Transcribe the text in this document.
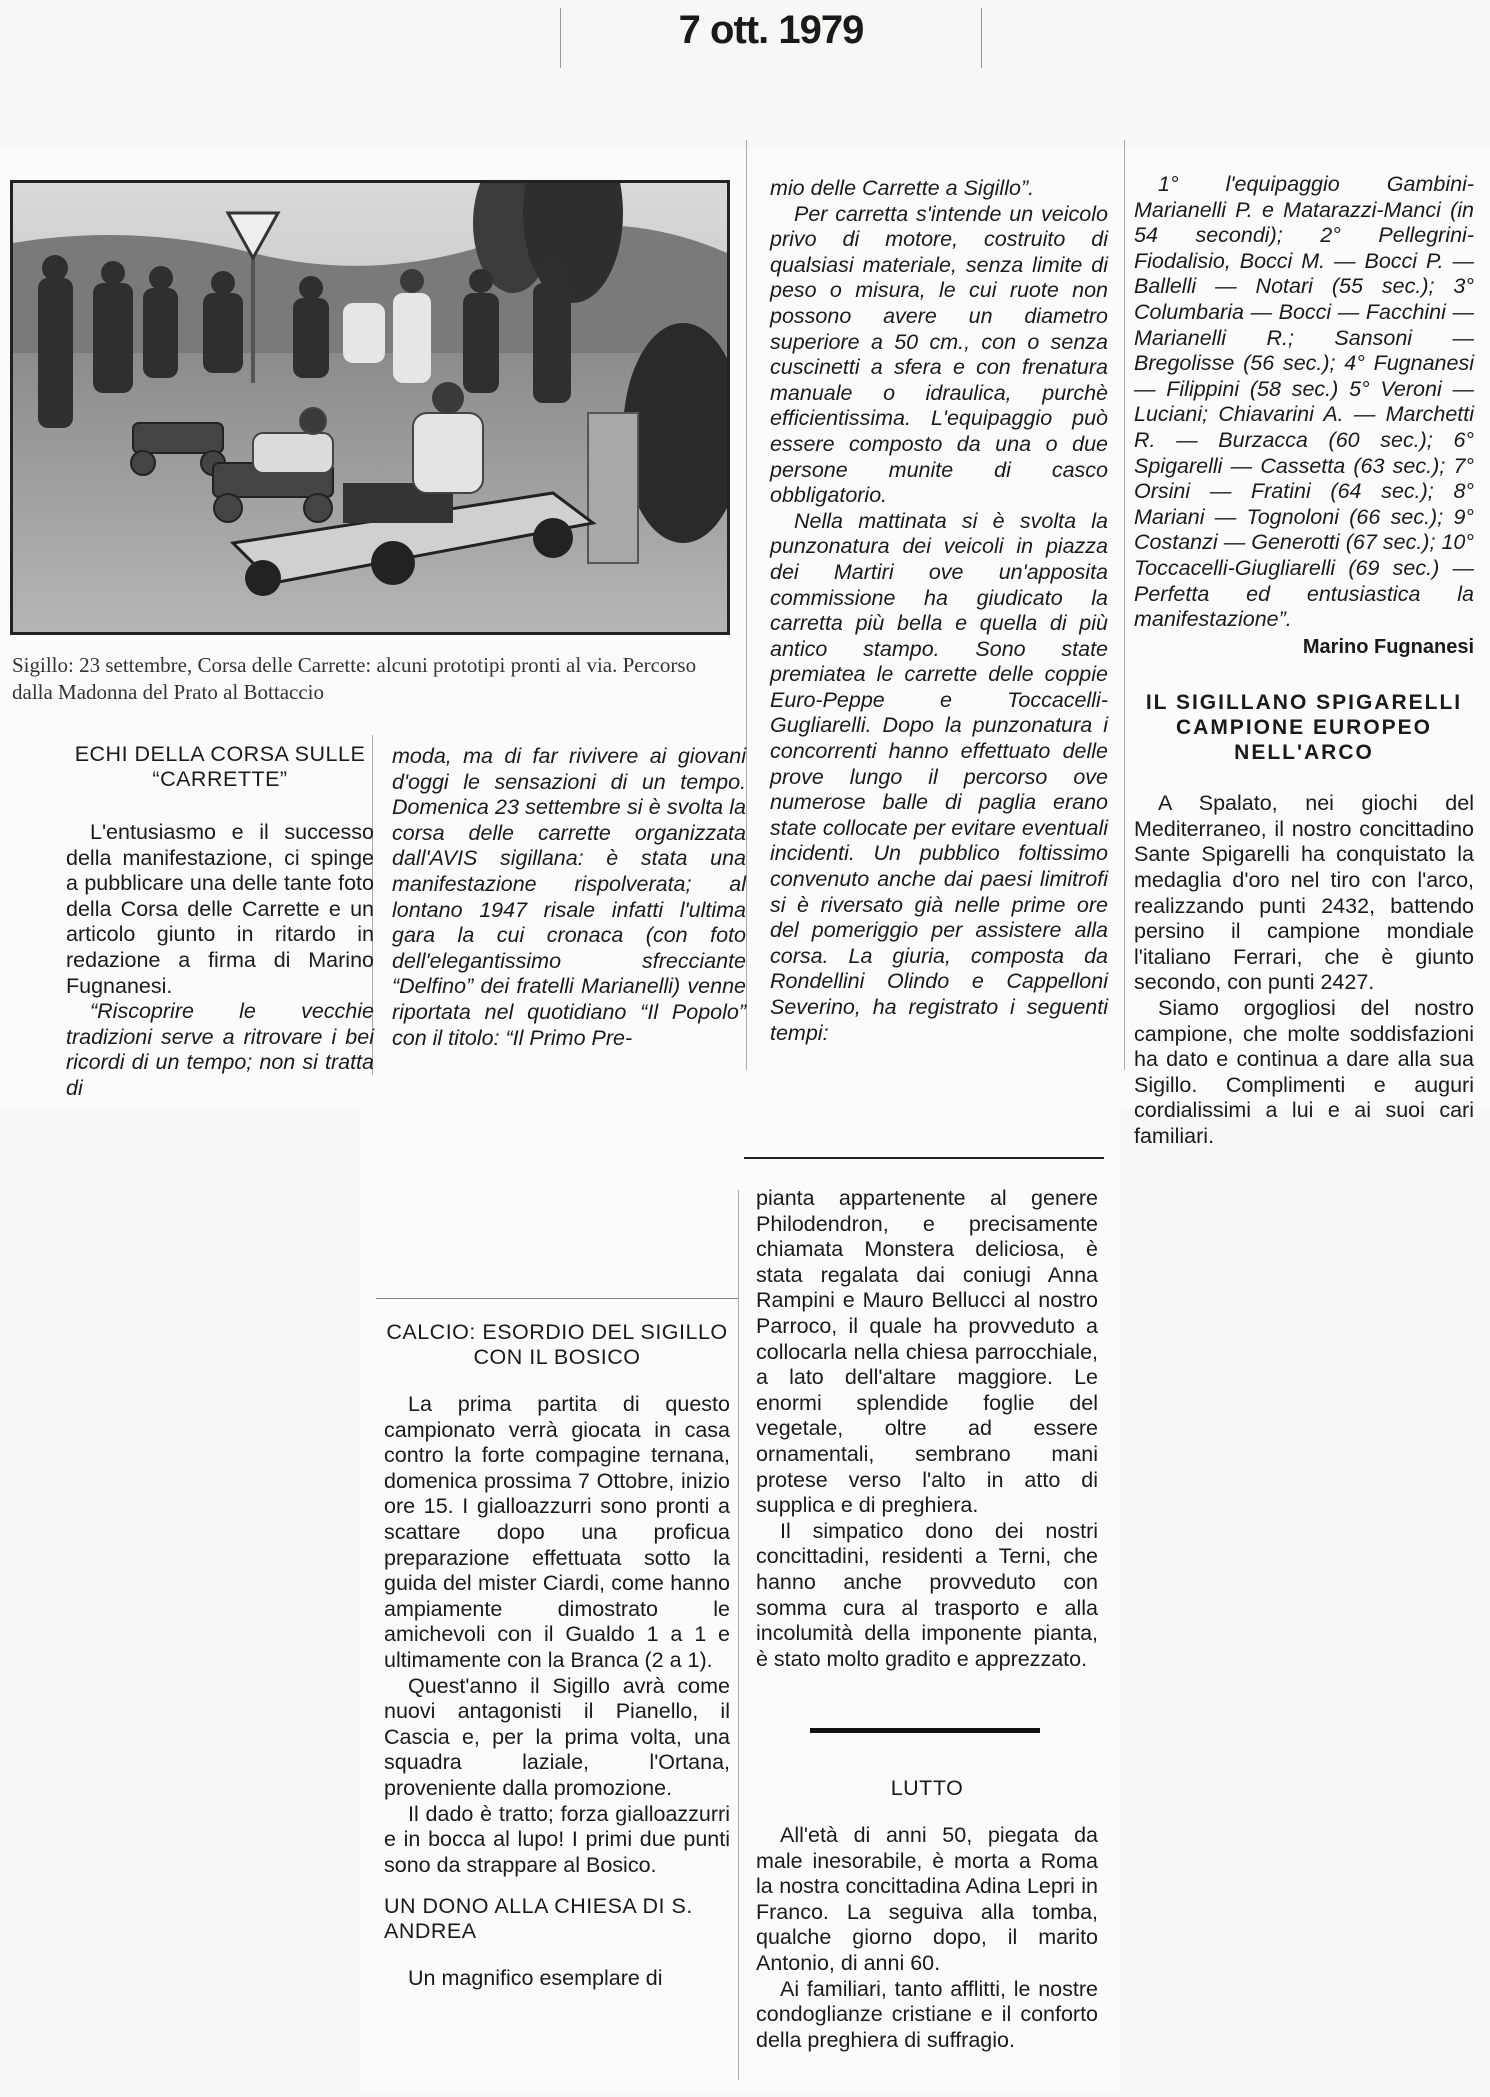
7 ott. 1979
Sigillo: 23 settembre, Corsa delle Carrette: alcuni prototipi pronti al via. Percorso dalla Madonna del Prato al Bottaccio
ECHI DELLA CORSA SULLE “CARRETTE”

L'entusiasmo e il successo della manifestazione, ci spinge a pubblicare una delle tante foto della Corsa delle Carrette e un articolo giunto in ritardo in redazione a firma di Marino Fugnanesi.

“Riscoprire le vecchie tradizioni serve a ritrovare i bei ricordi di un tempo; non si tratta di

moda, ma di far rivivere ai giovani d'oggi le sensazioni di un tempo. Domenica 23 settembre si è svolta la corsa delle carrette organizzata dall'AVIS sigillana: è stata una manifestazione rispolverata; al lontano 1947 risale infatti l'ultima gara la cui cronaca (con foto dell'elegantissimo sfrecciante “Delfino” dei fratelli Marianelli) venne riportata nel quotidiano “Il Popolo” con il titolo: “Il Primo Pre-

mio delle Carrette a Sigillo”.

Per carretta s'intende un veicolo privo di motore, costruito di qualsiasi materiale, senza limite di peso o misura, le cui ruote non possono avere un diametro superiore a 50 cm., con o senza cuscinetti a sfera e con frenatura manuale o idraulica, purchè efficientissima. L'equipaggio può essere composto da una o due persone munite di casco obbligatorio.

Nella mattinata si è svolta la punzonatura dei veicoli in piazza dei Martiri ove un'apposita commissione ha giudicato la carretta più bella e quella di più antico stampo. Sono state premiatea le carrette delle coppie Euro-Peppe e Toccacelli-Gugliarelli. Dopo la punzonatura i concorrenti hanno effettuato delle prove lungo il percorso ove numerose balle di paglia erano state collocate per evitare eventuali incidenti. Un pubblico foltissimo convenuto anche dai paesi limitrofi si è riversato già nelle prime ore del pomeriggio per assistere alla corsa. La giuria, composta da Rondellini Olindo e Cappelloni Severino, ha registrato i seguenti tempi:

1° l'equipaggio Gambini-Marianelli P. e Matarazzi-Manci (in 54 secondi); 2° Pellegrini-Fiodalisio, Bocci M. — Bocci P. — Ballelli — Notari (55 sec.); 3° Columbaria — Bocci — Facchini — Marianelli R.; Sansoni — Bregolisse (56 sec.); 4° Fugnanesi — Filippini (58 sec.) 5° Veroni — Luciani; Chiavarini A. — Marchetti R. — Burzacca (60 sec.); 6° Spigarelli — Cassetta (63 sec.); 7° Orsini — Fratini (64 sec.); 8° Mariani — Tognoloni (66 sec.); 9° Costanzi — Generotti (67 sec.); 10° Toccacelli-Giugliarelli (69 sec.) — Perfetta ed entusiastica la manifestazione”.

Marino Fugnanesi
IL SIGILLANO SPIGARELLI CAMPIONE EUROPEO NELL'ARCO

A Spalato, nei giochi del Mediterraneo, il nostro concittadino Sante Spigarelli ha conquistato la medaglia d'oro nel tiro con l'arco, realizzando punti 2432, battendo persino il campione mondiale l'italiano Ferrari, che è giunto secondo, con punti 2427.

Siamo orgogliosi del nostro campione, che molte soddisfazioni ha dato e continua a dare alla sua Sigillo. Complimenti e auguri cordialissimi a lui e ai suoi cari familiari.

CALCIO: ESORDIO DEL SIGILLO CON IL BOSICO

La prima partita di questo campionato verrà giocata in casa contro la forte compagine ternana, domenica prossima 7 Ottobre, inizio ore 15. I gialloazzurri sono pronti a scattare dopo una proficua preparazione effettuata sotto la guida del mister Ciardi, come hanno ampiamente dimostrato le amichevoli con il Gualdo 1 a 1 e ultimamente con la Branca (2 a 1).

Quest'anno il Sigillo avrà come nuovi antagonisti il Pianello, il Cascia e, per la prima volta, una squadra laziale, l'Ortana, proveniente dalla promozione.

Il dado è tratto; forza gialloazzurri e in bocca al lupo! I primi due punti sono da strappare al Bosico.

UN DONO ALLA CHIESA DI S. ANDREA

Un magnifico esemplare di

pianta appartenente al genere Philodendron, e precisamente chiamata Monstera deliciosa, è stata regalata dai coniugi Anna Rampini e Mauro Bellucci al nostro Parroco, il quale ha provveduto a collocarla nella chiesa parrocchiale, a lato dell'altare maggiore. Le enormi splendide foglie del vegetale, oltre ad essere ornamentali, sembrano mani protese verso l'alto in atto di supplica e di preghiera.

Il simpatico dono dei nostri concittadini, residenti a Terni, che hanno anche provveduto con somma cura al trasporto e alla incolumità della imponente pianta, è stato molto gradito e apprezzato.

LUTTO

All'età di anni 50, piegata da male inesorabile, è morta a Roma la nostra concittadina Adina Lepri in Franco. La seguiva alla tomba, qualche giorno dopo, il marito Antonio, di anni 60.

Ai familiari, tanto afflitti, le nostre condoglianze cristiane e il conforto della preghiera di suffragio.
